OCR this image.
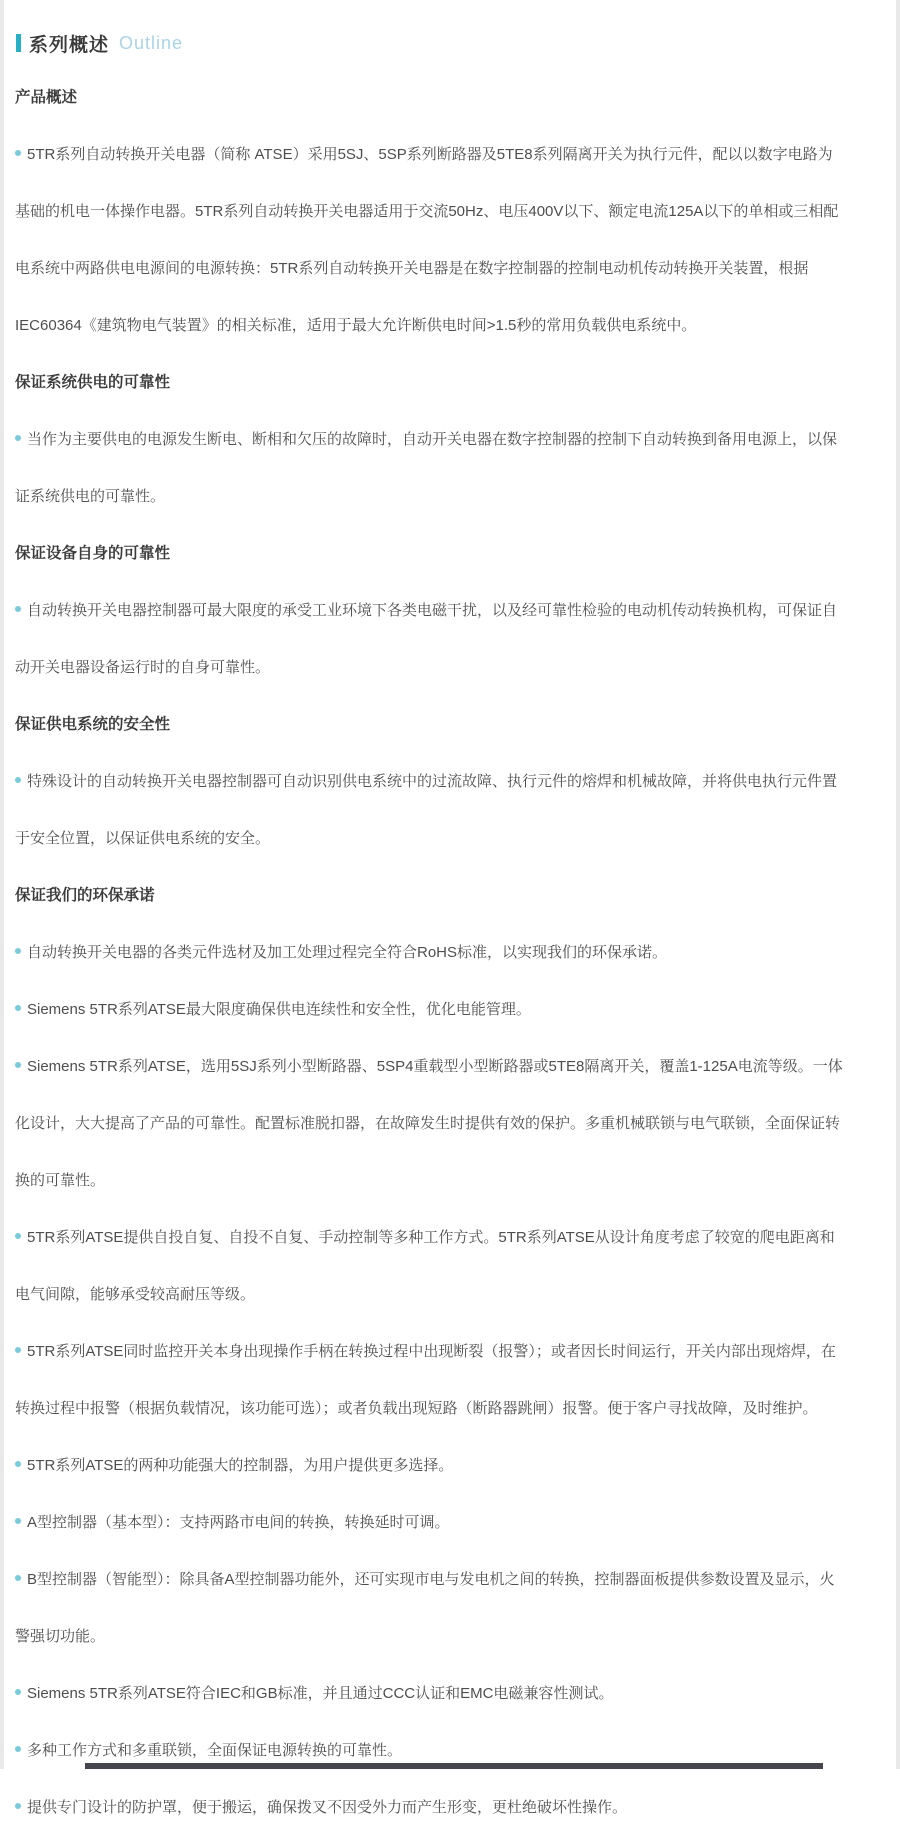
系列概述 Outline
产品概述

5TR系列自动转换开关电器（简称 ATSE）采用5SJ、5SP系列断路器及5TE8系列隔离开关为执行元件，配以以数字电路为基础的机电一体操作电器。5TR系列自动转换开关电器适用于交流50Hz、电压400V以下、额定电流125A以下的单相或三相配电系统中两路供电电源间的电源转换：5TR系列自动转换开关电器是在数字控制器的控制电动机传动转换开关装置，根据IEC60364《建筑物电气装置》的相关标准，适用于最大允许断供电时间>1.5秒的常用负载供电系统中。

保证系统供电的可靠性

当作为主要供电的电源发生断电、断相和欠压的故障时，自动开关电器在数字控制器的控制下自动转换到备用电源上，以保证系统供电的可靠性。

保证设备自身的可靠性

自动转换开关电器控制器可最大限度的承受工业环境下各类电磁干扰，以及经可靠性检验的电动机传动转换机构，可保证自动开关电器设备运行时的自身可靠性。

保证供电系统的安全性

特殊设计的自动转换开关电器控制器可自动识别供电系统中的过流故障、执行元件的熔焊和机械故障，并将供电执行元件置于安全位置，以保证供电系统的安全。

保证我们的环保承诺

自动转换开关电器的各类元件选材及加工处理过程完全符合RoHS标准，以实现我们的环保承诺。

Siemens 5TR系列ATSE最大限度确保供电连续性和安全性，优化电能管理。

Siemens 5TR系列ATSE，选用5SJ系列小型断路器、5SP4重载型小型断路器或5TE8隔离开关，覆盖1-125A电流等级。一体化设计，大大提高了产品的可靠性。配置标准脱扣器，在故障发生时提供有效的保护。多重机械联锁与电气联锁，全面保证转换的可靠性。

5TR系列ATSE提供自投自复、自投不自复、手动控制等多种工作方式。5TR系列ATSE从设计角度考虑了较宽的爬电距离和电气间隙，能够承受较高耐压等级。

5TR系列ATSE同时监控开关本身出现操作手柄在转换过程中出现断裂（报警）；或者因长时间运行，开关内部出现熔焊，在转换过程中报警（根据负载情况，该功能可选）；或者负载出现短路（断路器跳闸）报警。便于客户寻找故障，及时维护。

5TR系列ATSE的两种功能强大的控制器，为用户提供更多选择。

A型控制器（基本型）：支持两路市电间的转换，转换延时可调。

B型控制器（智能型）：除具备A型控制器功能外，还可实现市电与发电机之间的转换，控制器面板提供参数设置及显示，火警强切功能。

Siemens 5TR系列ATSE符合IEC和GB标准，并且通过CCC认证和EMC电磁兼容性测试。

多种工作方式和多重联锁，全面保证电源转换的可靠性。

提供专门设计的防护罩，便于搬运，确保拨叉不因受外力而产生形变，更杜绝破坏性操作。
